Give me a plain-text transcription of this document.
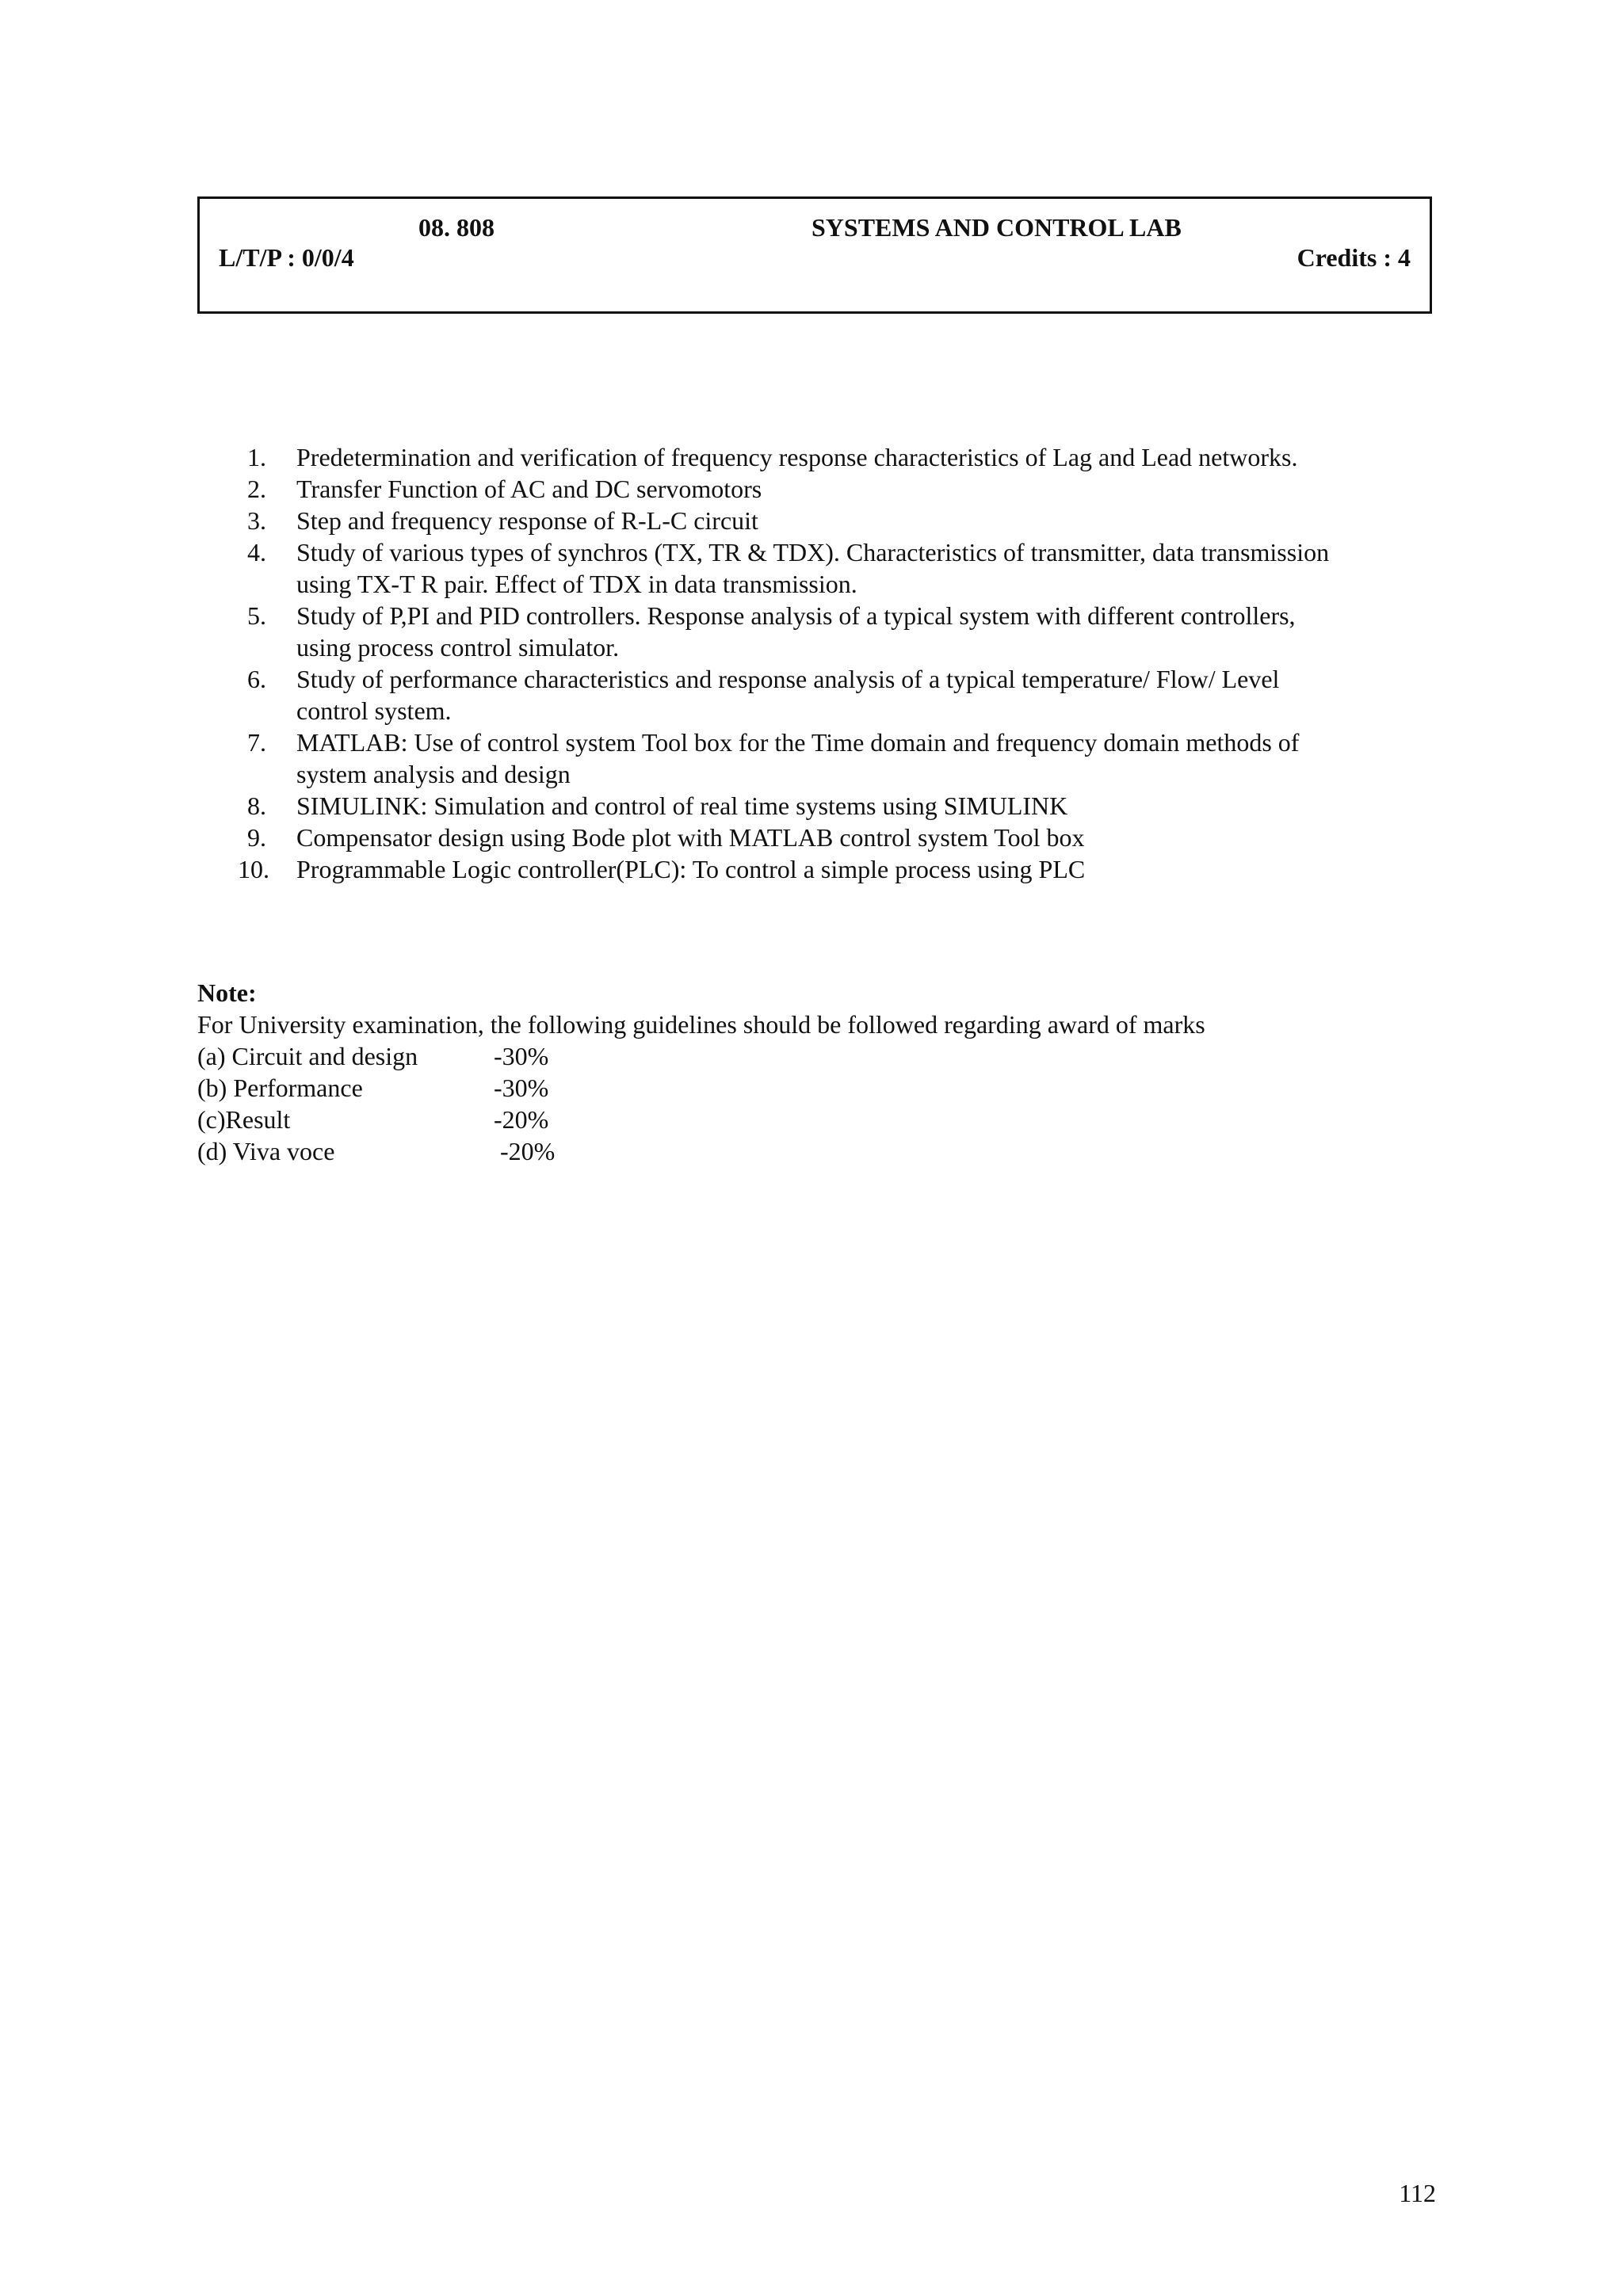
08. 808	SYSTEMS AND CONTROL LAB
L/T/P : 0/0/4	Credits : 4
1. Predetermination and verification of frequency response characteristics of Lag and Lead networks.
2. Transfer Function of AC and DC servomotors
3. Step and frequency response of R-L-C circuit
4. Study of various types of synchros (TX, TR & TDX). Characteristics of transmitter, data transmission
using TX-T R pair. Effect of TDX in data transmission.
5. Study of P,PI and PID controllers. Response analysis of a typical system with different controllers,
using process control simulator.
6. Study of performance characteristics and response analysis of a typical temperature/ Flow/ Level
control system.
7. MATLAB: Use of control system Tool box for the Time domain and frequency domain methods of
system analysis and design
8. SIMULINK: Simulation and control of real time systems using SIMULINK
9. Compensator design using Bode plot with MATLAB control system Tool box
10. Programmable Logic controller(PLC): To control a simple process using PLC
Note:
For University examination, the following guidelines should be followed regarding award of marks
(a) Circuit and design	-30%
(b) Performance	-30%
(c)Result	-20%
(d) Viva voce	-20%
112
